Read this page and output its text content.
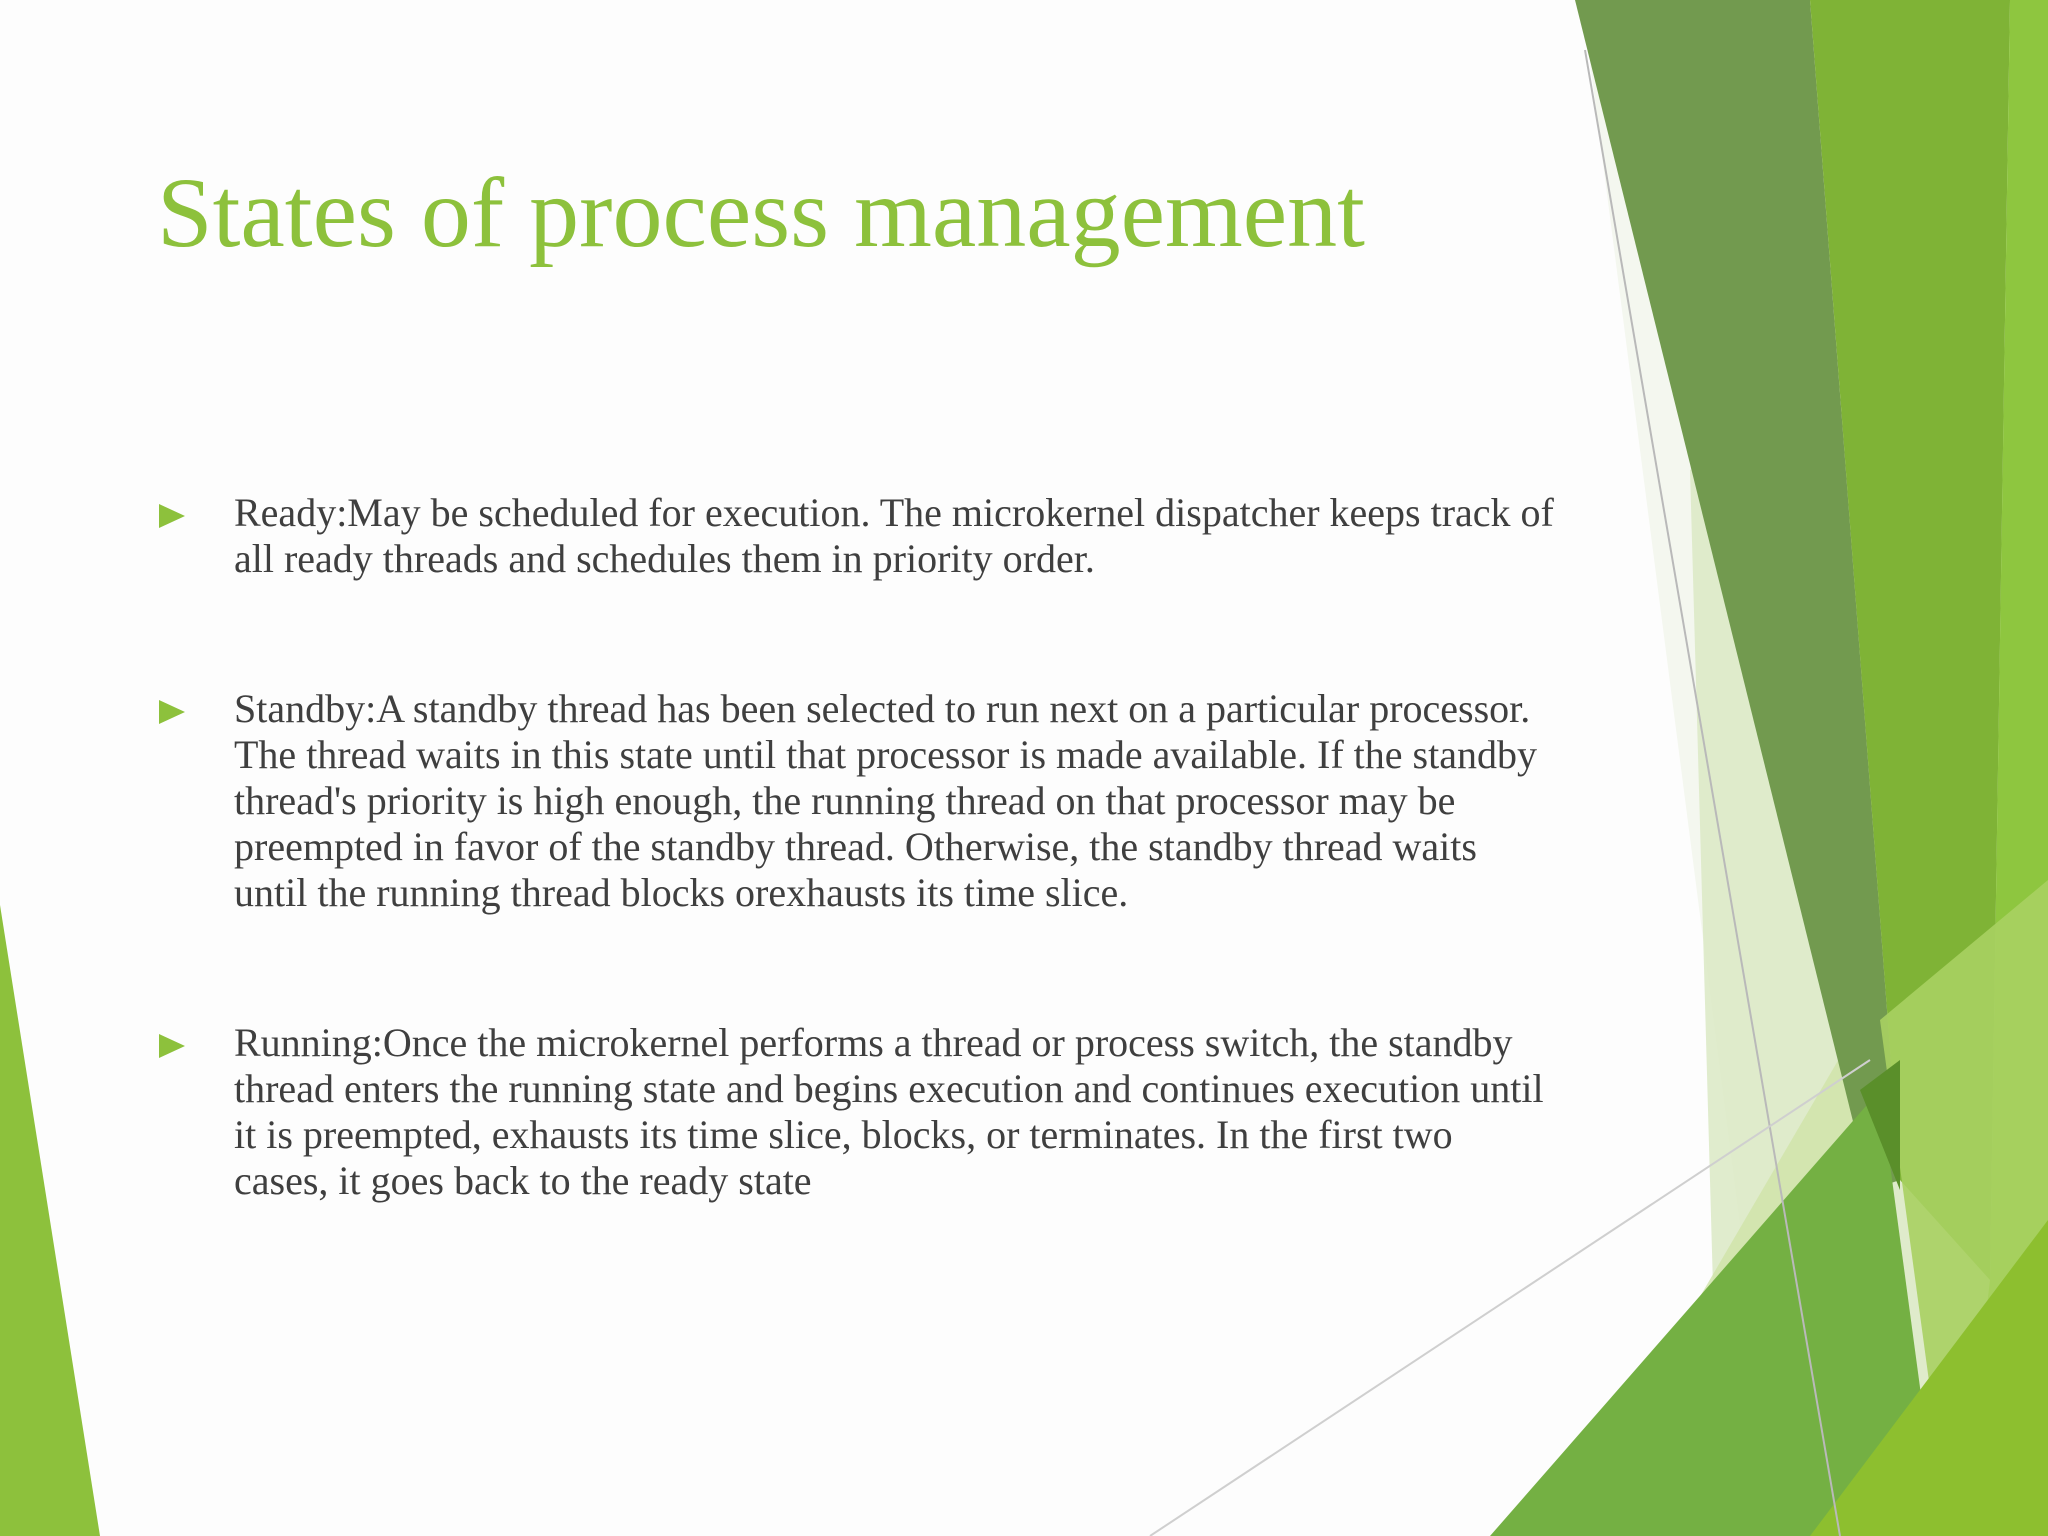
States of process management
Ready:May be scheduled for execution. The microkernel dispatcher keeps track of all ready threads and schedules them in priority order.
Standby:A standby thread has been selected to run next on a particular processor. The thread waits in this state until that processor is made available. If the standby thread's priority is high enough, the running thread on that processor may be preempted in favor of the standby thread. Otherwise, the standby thread waits until the running thread blocks orexhausts its time slice.
Running:Once the microkernel performs a thread or process switch, the standby thread enters the running state and begins execution and continues execution until it is preempted, exhausts its time slice, blocks, or terminates. In the first two cases, it goes back to the ready state
